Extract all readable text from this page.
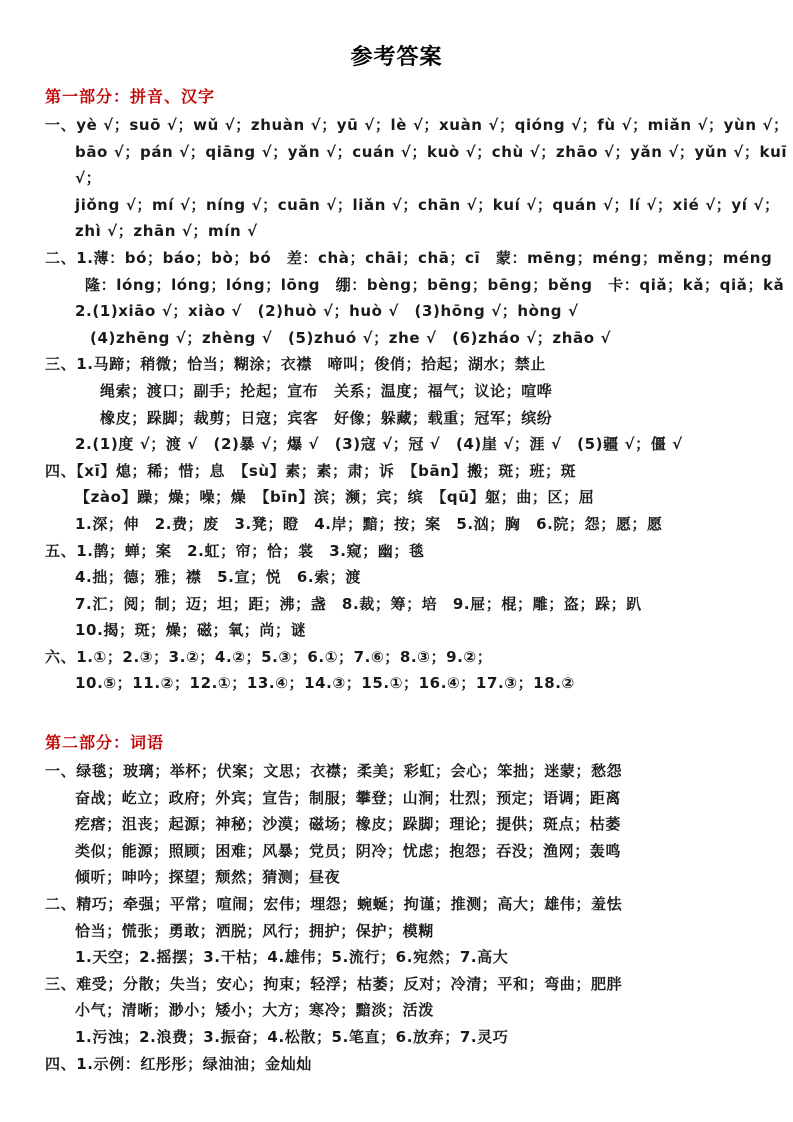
参考答案
第一部分：拼音、汉字
一、yè √；suō √；wǔ √；zhuàn √；yū √；lè √；xuàn √；qióng √；fù √；miǎn √；yùn √；
bāo √；pán √；qiāng √；yǎn √；cuán √；kuò √；chù √；zhāo √；yǎn √；yǔn √；kuī √；
jiǒng √；mí √；níng √；cuān √；liǎn √；chān √；kuí √；quán √；lí √；xié √；yí √；
zhì √；zhān √；mín √
二、1.薄：bó；báo；bò；bó　差：chà；chāi；chā；cī　蒙：mēng；méng；měng；méng
隆：lóng；lóng；lóng；lōng　绷：bèng；bēng；bēng；běng　卡：qiǎ；kǎ；qiǎ；kǎ
2.(1)xiāo √；xiào √　(2)huò √；huò √　(3)hōng √；hòng √
(4)zhēng √；zhèng √　(5)zhuó √；zhe √　(6)zháo √；zhāo √
三、1.马蹄；稍微；恰当；糊涂；衣襟　啼叫；俊俏；拾起；湖水；禁止
绳索；渡口；副手；抡起；宣布　关系；温度；福气；议论；喧哗
橡皮；跺脚；裁剪；日寇；宾客　好像；躲藏；载重；冠军；缤纷
2.(1)度 √；渡 √　(2)暴 √；爆 √　(3)寇 √；冠 √　(4)崖 √；涯 √　(5)疆 √；僵 √
四、【xī】熄；稀；惜；息　【sù】素；素；肃；诉　【bān】搬；斑；班；斑
【zào】躁；燥；噪；燥　【bīn】滨；濒；宾；缤　【qū】躯；曲；区；屈
1.深；伸　2.费；废　3.凳；瞪　4.岸；黯；按；案　5.汹；胸　6.院；怨；愿；愿
五、1.鹊；蝉；案　2.虹；帘；恰；裳　3.窥；幽；毯
4.拙；德；雅；襟　5.宣；悦　6.索；渡
7.汇；阅；制；迈；坦；距；沸；盏　8.裁；筹；培　9.屉；棍；雕；盗；跺；趴
10.揭；斑；燥；磁；氧；尚；谜
六、1.①；2.③；3.②；4.②；5.③；6.①；7.⑥；8.③；9.②；
10.⑤；11.②；12.①；13.④；14.③；15.①；16.④；17.③；18.②
第二部分：词语
一、绿毯；玻璃；举杯；伏案；文思；衣襟；柔美；彩虹；会心；笨拙；迷蒙；愁怨
奋战；屹立；政府；外宾；宣告；制服；攀登；山涧；壮烈；预定；语调；距离
疙瘩；沮丧；起源；神秘；沙漠；磁场；橡皮；跺脚；理论；提供；斑点；枯萎
类似；能源；照顾；困难；风暴；党员；阴冷；忧虑；抱怨；吞没；渔网；轰鸣
倾听；呻吟；探望；颓然；猜测；昼夜
二、精巧；牵强；平常；喧闹；宏伟；埋怨；蜿蜒；拘谨；推测；高大；雄伟；羞怯
恰当；慌张；勇敢；洒脱；风行；拥护；保护；模糊
1.天空；2.摇摆；3.干枯；4.雄伟；5.流行；6.宛然；7.高大
三、难受；分散；失当；安心；拘束；轻浮；枯萎；反对；冷清；平和；弯曲；肥胖
小气；清晰；渺小；矮小；大方；寒冷；黯淡；活泼
1.污浊；2.浪费；3.振奋；4.松散；5.笔直；6.放弃；7.灵巧
四、1.示例：红彤彤；绿油油；金灿灿
